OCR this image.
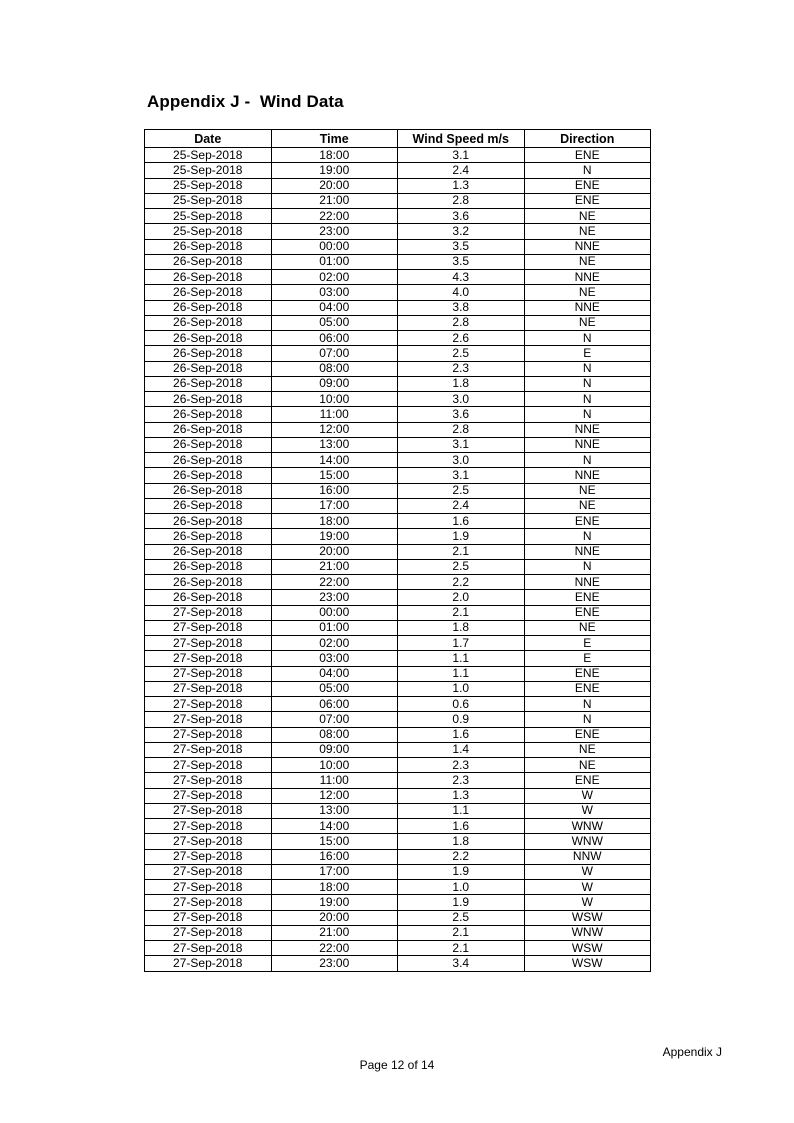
Appendix J -  Wind Data
Date	Time	Wind Speed m/s	Direction
25-Sep-2018	18:00	3.1	ENE
25-Sep-2018	19:00	2.4	N
25-Sep-2018	20:00	1.3	ENE
25-Sep-2018	21:00	2.8	ENE
25-Sep-2018	22:00	3.6	NE
25-Sep-2018	23:00	3.2	NE
26-Sep-2018	00:00	3.5	NNE
26-Sep-2018	01:00	3.5	NE
26-Sep-2018	02:00	4.3	NNE
26-Sep-2018	03:00	4.0	NE
26-Sep-2018	04:00	3.8	NNE
26-Sep-2018	05:00	2.8	NE
26-Sep-2018	06:00	2.6	N
26-Sep-2018	07:00	2.5	E
26-Sep-2018	08:00	2.3	N
26-Sep-2018	09:00	1.8	N
26-Sep-2018	10:00	3.0	N
26-Sep-2018	11:00	3.6	N
26-Sep-2018	12:00	2.8	NNE
26-Sep-2018	13:00	3.1	NNE
26-Sep-2018	14:00	3.0	N
26-Sep-2018	15:00	3.1	NNE
26-Sep-2018	16:00	2.5	NE
26-Sep-2018	17:00	2.4	NE
26-Sep-2018	18:00	1.6	ENE
26-Sep-2018	19:00	1.9	N
26-Sep-2018	20:00	2.1	NNE
26-Sep-2018	21:00	2.5	N
26-Sep-2018	22:00	2.2	NNE
26-Sep-2018	23:00	2.0	ENE
27-Sep-2018	00:00	2.1	ENE
27-Sep-2018	01:00	1.8	NE
27-Sep-2018	02:00	1.7	E
27-Sep-2018	03:00	1.1	E
27-Sep-2018	04:00	1.1	ENE
27-Sep-2018	05:00	1.0	ENE
27-Sep-2018	06:00	0.6	N
27-Sep-2018	07:00	0.9	N
27-Sep-2018	08:00	1.6	ENE
27-Sep-2018	09:00	1.4	NE
27-Sep-2018	10:00	2.3	NE
27-Sep-2018	11:00	2.3	ENE
27-Sep-2018	12:00	1.3	W
27-Sep-2018	13:00	1.1	W
27-Sep-2018	14:00	1.6	WNW
27-Sep-2018	15:00	1.8	WNW
27-Sep-2018	16:00	2.2	NNW
27-Sep-2018	17:00	1.9	W
27-Sep-2018	18:00	1.0	W
27-Sep-2018	19:00	1.9	W
27-Sep-2018	20:00	2.5	WSW
27-Sep-2018	21:00	2.1	WNW
27-Sep-2018	22:00	2.1	WSW
27-Sep-2018	23:00	3.4	WSW
Appendix J
Page 12 of 14
